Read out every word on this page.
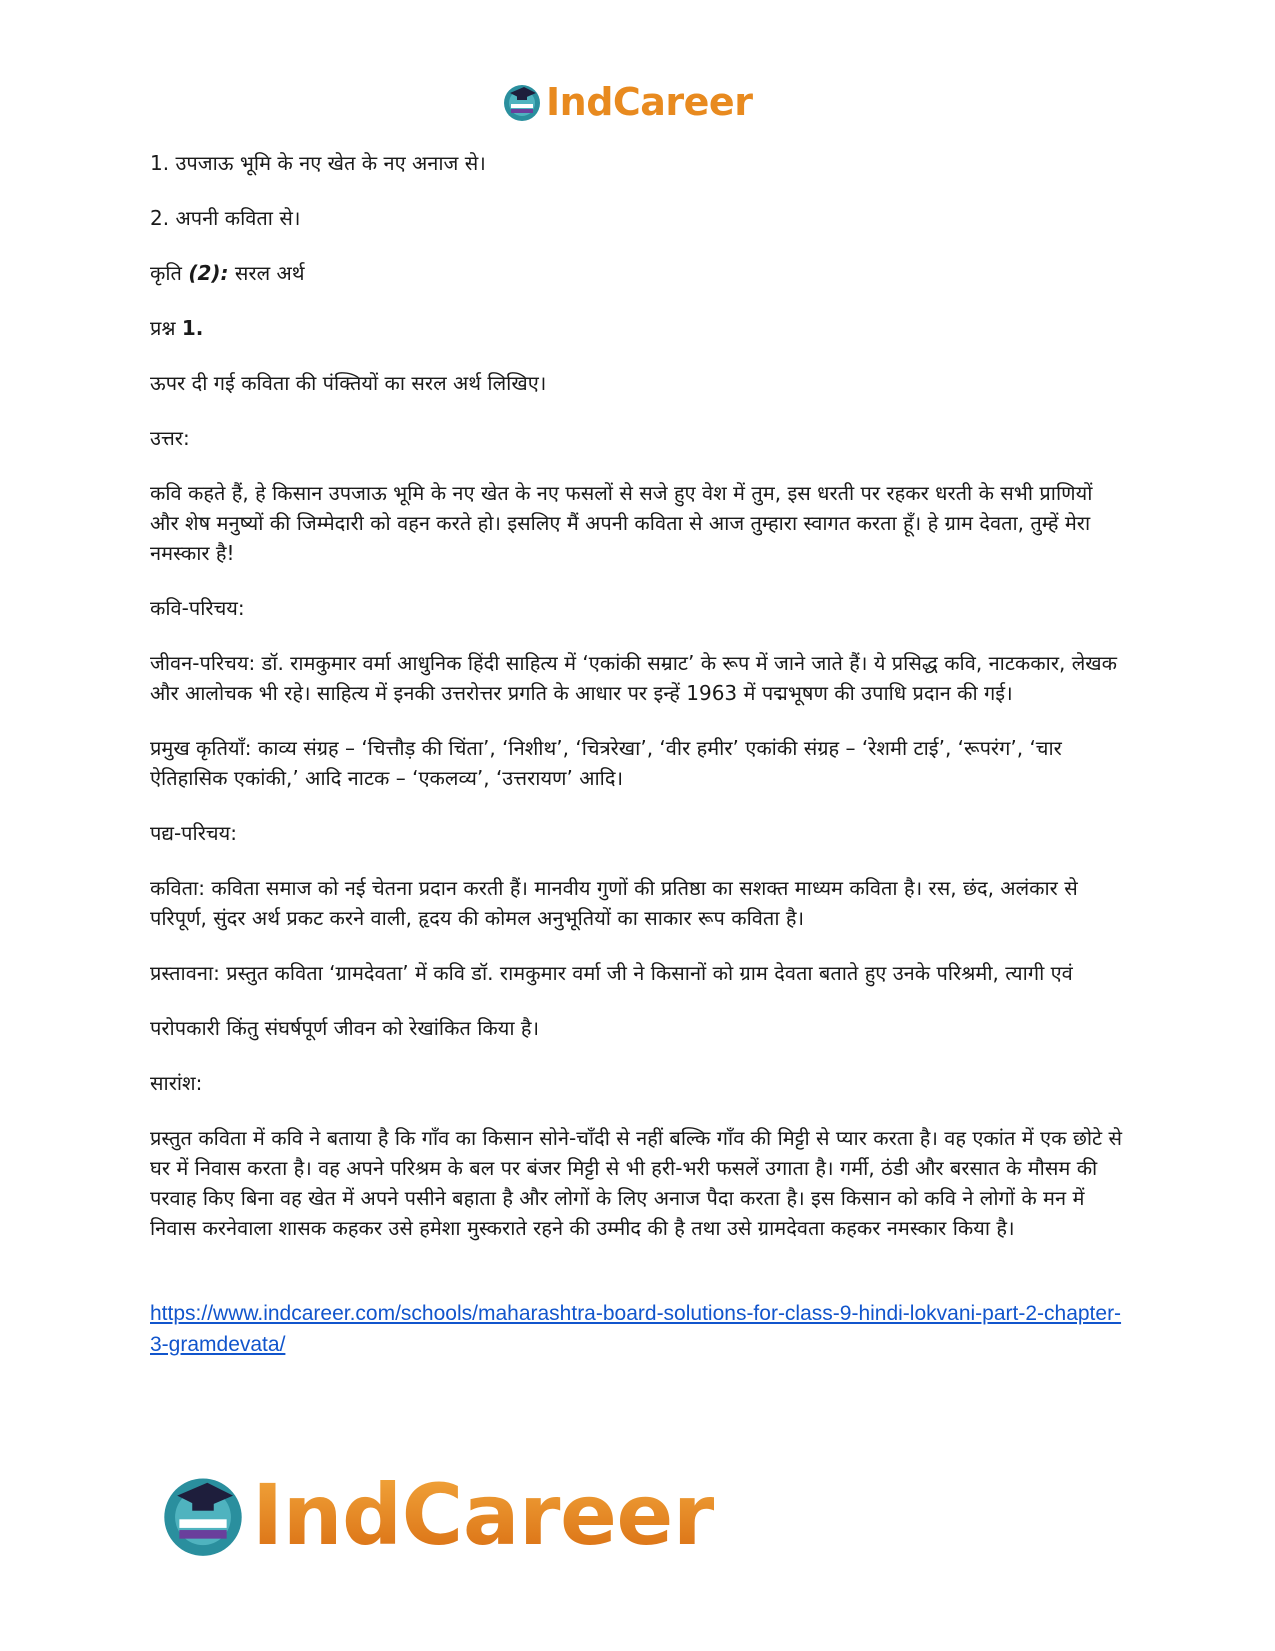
IndCareer

1. उपजाऊ भूमि के नए खेत के नए अनाज से।

2. अपनी कविता से।

कृति (2): सरल अर्थ

प्रश्न 1.

ऊपर दी गई कविता की पंक्तियों का सरल अर्थ लिखिए।

उत्तर:

कवि कहते हैं, हे किसान उपजाऊ भूमि के नए खेत के नए फसलों से सजे हुए वेश में तुम, इस धरती पर रहकर धरती के सभी प्राणियों और शेष मनुष्यों की जिम्मेदारी को वहन करते हो। इसलिए मैं अपनी कविता से आज तुम्हारा स्वागत करता हूँ। हे ग्राम देवता, तुम्हें मेरा नमस्कार है!

कवि-परिचय:

जीवन-परिचय: डॉ. रामकुमार वर्मा आधुनिक हिंदी साहित्य में ‘एकांकी सम्राट’ के रूप में जाने जाते हैं। ये प्रसिद्ध कवि, नाटककार, लेखक और आलोचक भी रहे। साहित्य में इनकी उत्तरोत्तर प्रगति के आधार पर इन्हें 1963 में पद्मभूषण की उपाधि प्रदान की गई।

प्रमुख कृतियाँ: काव्य संग्रह – ‘चित्तौड़ की चिंता’, ‘निशीथ’, ‘चित्ररेखा’, ‘वीर हमीर’ एकांकी संग्रह – ‘रेशमी टाई’, ‘रूपरंग’, ‘चार ऐतिहासिक एकांकी,’ आदि नाटक – ‘एकलव्य’, ‘उत्तरायण’ आदि।

पद्य-परिचय:

कविता: कविता समाज को नई चेतना प्रदान करती हैं। मानवीय गुणों की प्रतिष्ठा का सशक्त माध्यम कविता है। रस, छंद, अलंकार से परिपूर्ण, सुंदर अर्थ प्रकट करने वाली, हृदय की कोमल अनुभूतियों का साकार रूप कविता है।

प्रस्तावना: प्रस्तुत कविता ‘ग्रामदेवता’ में कवि डॉ. रामकुमार वर्मा जी ने किसानों को ग्राम देवता बताते हुए उनके परिश्रमी, त्यागी एवं

परोपकारी किंतु संघर्षपूर्ण जीवन को रेखांकित किया है।

सारांश:

प्रस्तुत कविता में कवि ने बताया है कि गाँव का किसान सोने-चाँदी से नहीं बल्कि गाँव की मिट्टी से प्यार करता है। वह एकांत में एक छोटे से घर में निवास करता है। वह अपने परिश्रम के बल पर बंजर मिट्टी से भी हरी-भरी फसलें उगाता है। गर्मी, ठंडी और बरसात के मौसम की परवाह किए बिना वह खेत में अपने पसीने बहाता है और लोगों के लिए अनाज पैदा करता है। इस किसान को कवि ने लोगों के मन में निवास करनेवाला शासक कहकर उसे हमेशा मुस्कराते रहने की उम्मीद की है तथा उसे ग्रामदेवता कहकर नमस्कार किया है।

https://www.indcareer.com/schools/maharashtra-board-solutions-for-class-9-hindi-lokvani-part-2-chapter-3-gramdevata/

IndCareer
